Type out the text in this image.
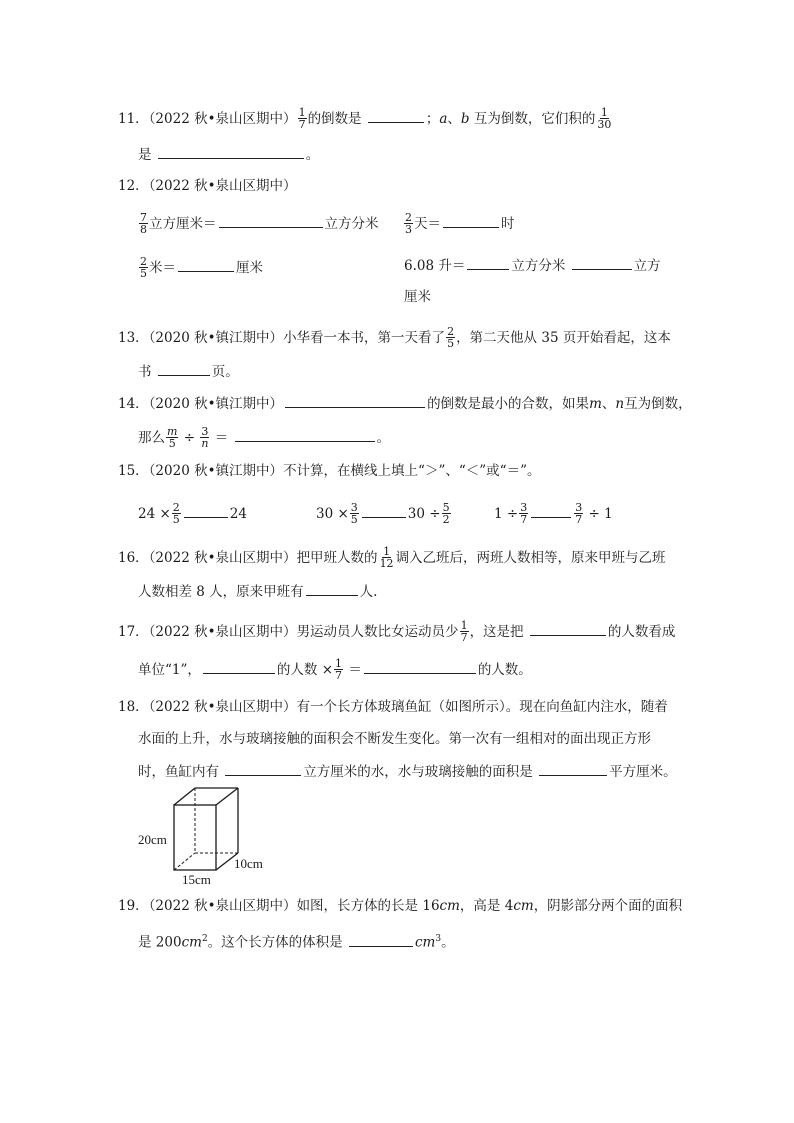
11．（2022 秋•泉山区期中） $\frac{1}{7}$ 的倒数是	；a、b 互为倒数，它们积的 $\frac{1}{30}$
是	。
12．（2022 秋•泉山区期中）
$\frac{7}{8}$ 立方厘米＝	立方分米 $\frac{2}{3}$ 天＝	时
$\frac{2}{5}$ 米＝	厘米	6.08 升＝	立方分米	立方
厘米
13．（2020 秋•镇江期中）小华看一本书，第一天看了 $\frac{2}{5}$ ，第二天他从 35 页开始看起，这本
书	页。
14．（2020 秋•镇江期中）	的倒数是最小的合数，如果m、n互为倒数，
那么 $\frac{m}{5} \div \frac{3}{n}$ ＝	。
15．（2020 秋•镇江期中）不计算，在横线上填上“＞”、“＜”或“＝”。
$24 \times \frac{2}{5}$	24	$30 \times \frac{3}{5}$	$30 \div \frac{5}{2}$	$1 \div \frac{3}{7}$	$\frac{3}{7} \div 1$
16．（2022 秋•泉山区期中）把甲班人数的 $\frac{1}{12}$ 调入乙班后，两班人数相等，原来甲班与乙班
人数相差 8 人，原来甲班有	人.
17．（2022 秋•泉山区期中）男运动员人数比女运动员少 $\frac{1}{7}$ ，这是把	的人数看成
单位“1”，	的人数 × $\frac{1}{7}$ ＝	的人数。
18．（2022 秋•泉山区期中）有一个长方体玻璃鱼缸（如图所示）。现在向鱼缸内注水，随着
水面的上升，水与玻璃接触的面积会不断发生变化。第一次有一组相对的面出现正方形
时，鱼缸内有	立方厘米的水，水与玻璃接触的面积是	平方厘米。
20cm
15cm
10cm
19．（2022 秋•泉山区期中）如图，长方体的长是 16cm，高是 4cm，阴影部分两个面的面积
是 $200cm^2$。这个长方体的体积是	$cm^3$。
